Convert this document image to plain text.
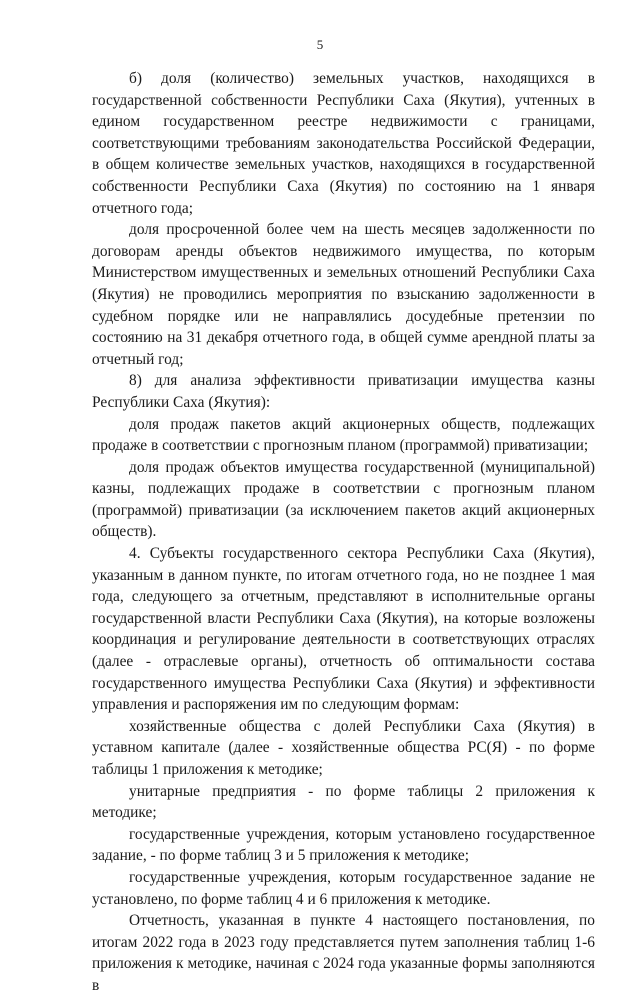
5

б) доля (количество) земельных участков, находящихся в государственной собственности Республики Саха (Якутия), учтенных в едином государственном реестре недвижимости с границами, соответствующими требованиям законодательства Российской Федерации, в общем количестве земельных участков, находящихся в государственной собственности Республики Саха (Якутия) по состоянию на 1 января отчетного года;

доля просроченной более чем на шесть месяцев задолженности по договорам аренды объектов недвижимого имущества, по которым Министерством имущественных и земельных отношений Республики Саха (Якутия) не проводились мероприятия по взысканию задолженности в судебном порядке или не направлялись досудебные претензии по состоянию на 31 декабря отчетного года, в общей сумме арендной платы за отчетный год;

8) для анализа эффективности приватизации имущества казны Республики Саха (Якутия):

доля продаж пакетов акций акционерных обществ, подлежащих продаже в соответствии с прогнозным планом (программой) приватизации;

доля продаж объектов имущества государственной (муниципальной) казны, подлежащих продаже в соответствии с прогнозным планом (программой) приватизации (за исключением пакетов акций акционерных обществ).

4. Субъекты государственного сектора Республики Саха (Якутия), указанным в данном пункте, по итогам отчетного года, но не позднее 1 мая года, следующего за отчетным, представляют в исполнительные органы государственной власти Республики Саха (Якутия), на которые возложены координация и регулирование деятельности в соответствующих отраслях (далее - отраслевые органы), отчетность об оптимальности состава государственного имущества Республики Саха (Якутия) и эффективности управления и распоряжения им по следующим формам:

хозяйственные общества с долей Республики Саха (Якутия) в уставном капитале (далее - хозяйственные общества РС(Я) - по форме таблицы 1 приложения к методике;

унитарные предприятия - по форме таблицы 2 приложения к методике;

государственные учреждения, которым установлено государственное задание, - по форме таблиц 3 и 5 приложения к методике;

государственные учреждения, которым государственное задание не установлено, по форме таблиц 4 и 6 приложения к методике.

Отчетность, указанная в пункте 4 настоящего постановления, по итогам 2022 года в 2023 году представляется путем заполнения таблиц 1-6 приложения к методике, начиная с 2024 года указанные формы заполняются в
